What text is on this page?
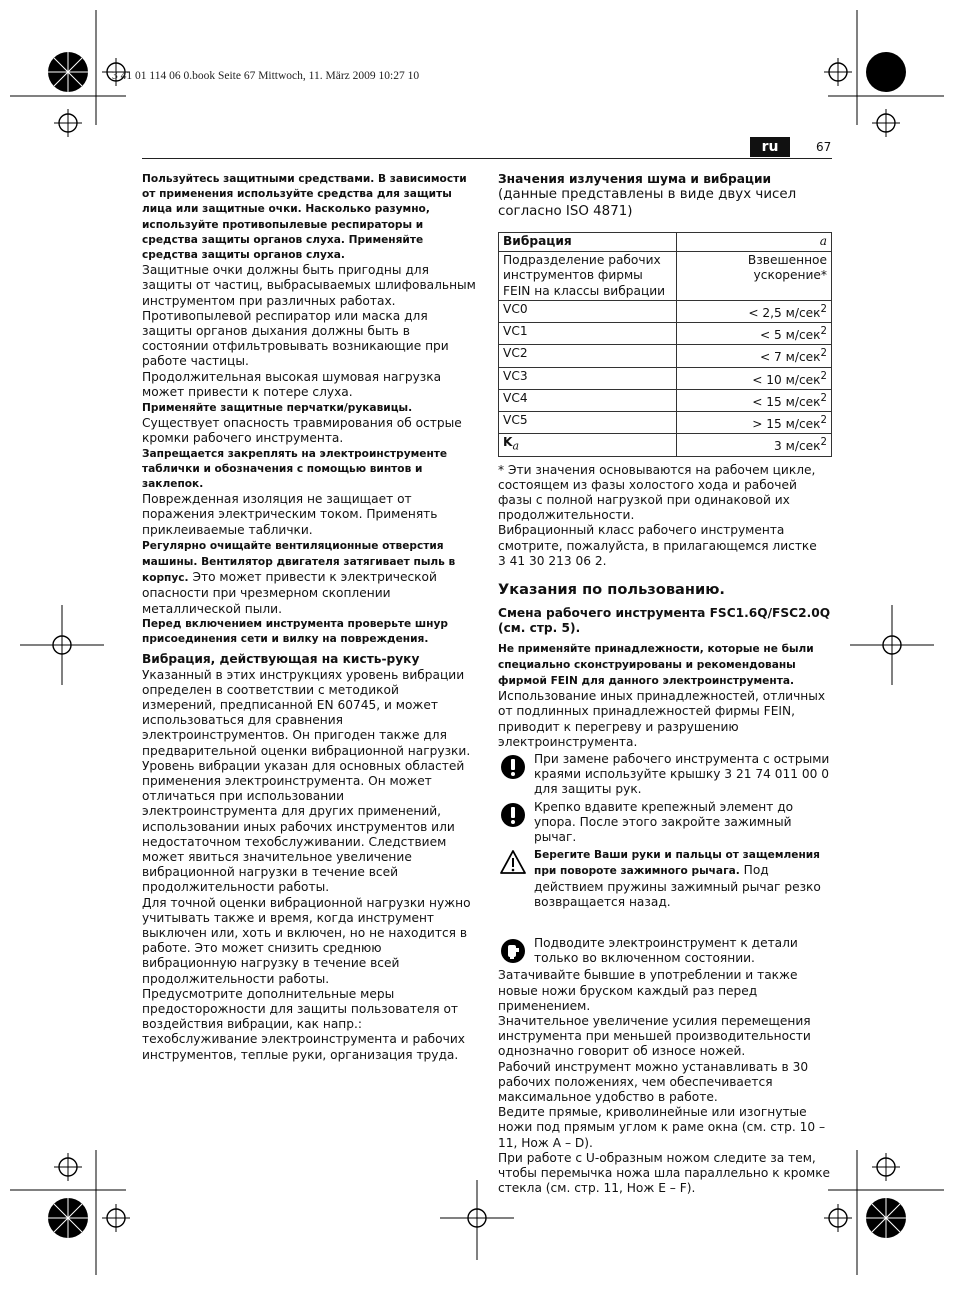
3 41 01 114 06 0.book Seite 67 Mittwoch, 11. März 2009 10:27 10
ru	67

Пользуйтесь защитными средствами. В зависимости от применения используйте средства для защиты лица или защитные очки. Насколько разумно, используйте противопылевые респираторы и средства защиты органов слуха. Применяйте средства защиты органов слуха.

Защитные очки должны быть пригодны для защиты от частиц, выбрасываемых шлифовальным инструментом при различных работах.

Противопылевой респиратор или маска для защиты органов дыхания должны быть в состоянии отфильтровывать возникающие при работе частицы.

Продолжительная высокая шумовая нагрузка может привести к потере слуха.

Применяйте защитные перчатки/рукавицы. Существует опасность травмирования об острые кромки рабочего инструмента.

Запрещается закреплять на электроинструменте таблички и обозначения с помощью винтов и заклепок.

Поврежденная изоляция не защищает от поражения электрическим током. Применять приклеиваемые таблички.

Регулярно очищайте вентиляционные отверстия машины. Вентилятор двигателя затягивает пыль в корпус. Это может привести к электрической опасности при чрезмерном скоплении металлической пыли.

Перед включением инструмента проверьте шнур присоединения сети и вилку на повреждения.

Вибрация, действующая на кисть-руку

Указанный в этих инструкциях уровень вибрации определен в соответствии с методикой измерений, предписанной EN 60745, и может использоваться для сравнения электроинструментов. Он пригоден также для предварительной оценки вибрационной нагрузки.

Уровень вибрации указан для основных областей применения электроинструмента. Он может отличаться при использовании электроинструмента для других применений, использовании иных рабочих инструментов или недостаточном техобслуживании. Следствием может явиться значительное увеличение вибрационной нагрузки в течение всей продолжительности работы.

Для точной оценки вибрационной нагрузки нужно учитывать также и время, когда инструмент выключен или, хоть и включен, но не находится в работе. Это может снизить среднюю вибрационную нагрузку в течение всей продолжительности работы.

Предусмотрите дополнительные меры предосторожности для защиты пользователя от воздействия вибрации, как напр.: техобслуживание электроинструмента и рабочих инструментов, теплые руки, организация труда.

Значения излучения шума и вибрации

(данные представлены в виде двух чисел согласно ISO 4871)

Вибрация	a
Подразделение рабочих инструментов фирмы FEIN на классы вибрации	Взвешенное ускорение*
VC0	< 2,5 м/сек$^2$
VC1	< 5 м/сек$^2$
VC2	< 7 м/сек$^2$
VC3	< 10 м/сек$^2$
VC4	< 15 м/сек$^2$
VC5	> 15 м/сек$^2$
$K_a$	3 м/сек$^2$

* Эти значения основываются на рабочем цикле, состоящем из фазы холостого хода и рабочей фазы с полной нагрузкой при одинаковой их продолжительности.

Вибрационный класс рабочего инструмента смотрите, пожалуйста, в прилагающемся листке

3 41 30 213 06 2.

Указания по пользованию.

Смена рабочего инструмента FSC1.6Q/FSC2.0Q (см. стр. 5).

Не применяйте принадлежности, которые не были специально сконструированы и рекомендованы фирмой FEIN для данного электроинструмента. Использование иных принадлежностей, отличных от подлинных принадлежностей фирмы FEIN, приводит к перегреву и разрушению электроинструмента.

При замене рабочего инструмента с острыми краями используйте крышку 3 21 74 011 00 0 для защиты рук.

Крепко вдавите крепежный элемент до упора. После этого закройте зажимный рычаг.

Берегите Ваши руки и пальцы от защемления при повороте зажимного рычага. Под действием пружины зажимный рычаг резко возвращается назад.

Подводите электроинструмент к детали только во включенном состоянии.

Затачивайте бывшие в употреблении и также новые ножи бруском каждый раз перед применением.

Значительное увеличение усилия перемещения инструмента при меньшей производительности однозначно говорит об износе ножей.

Рабочий инструмент можно устанавливать в 30 рабочих положениях, чем обеспечивается максимальное удобство в работе.

Ведите прямые, криволинейные или изогнутые ножи под прямым углом к раме окна (см. стр. 10 – 11, Нож A – D).

При работе с U-образным ножом следите за тем, чтобы перемычка ножа шла параллельно к кромке стекла (см. стр. 11, Нож E – F).
